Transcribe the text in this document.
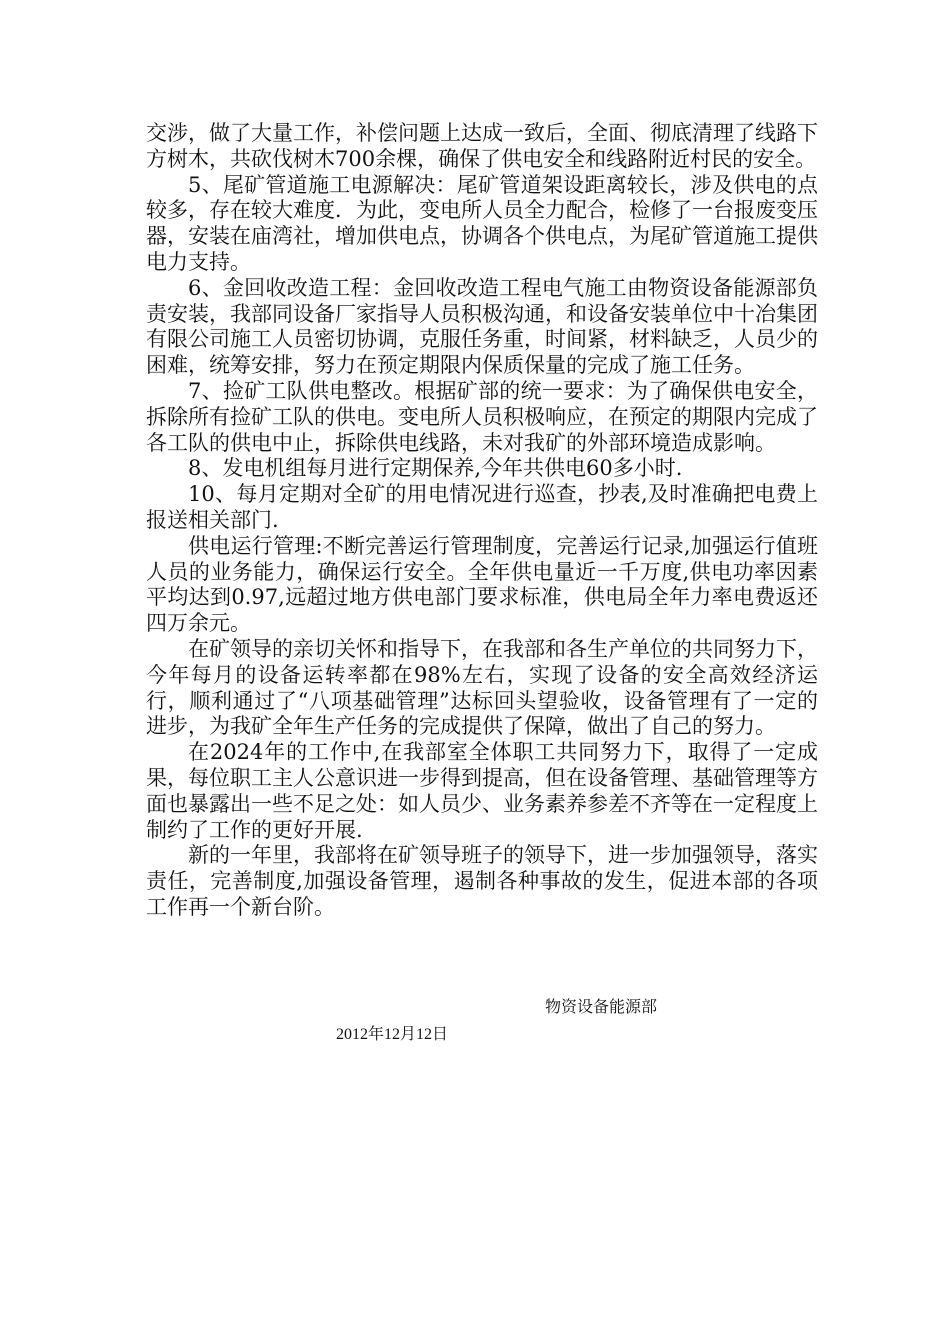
交涉，做了大量工作，补偿问题上达成一致后，全面、彻底清理了线路下方树木，共砍伐树木700余棵，确保了供电安全和线路附近村民的安全。

5、尾矿管道施工电源解决：尾矿管道架设距离较长，涉及供电的点较多，存在较大难度．为此，变电所人员全力配合，检修了一台报废变压器，安装在庙湾社，增加供电点，协调各个供电点，为尾矿管道施工提供电力支持。

6、金回收改造工程：金回收改造工程电气施工由物资设备能源部负责安装，我部同设备厂家指导人员积极沟通，和设备安装单位中十冶集团有限公司施工人员密切协调，克服任务重，时间紧，材料缺乏，人员少的困难，统筹安排，努力在预定期限内保质保量的完成了施工任务。

7、捡矿工队供电整改。根据矿部的统一要求：为了确保供电安全，拆除所有捡矿工队的供电。变电所人员积极响应，在预定的期限内完成了各工队的供电中止，拆除供电线路，未对我矿的外部环境造成影响。

8、发电机组每月进行定期保养,今年共供电60多小时.

10、每月定期对全矿的用电情况进行巡查，抄表,及时准确把电费上报送相关部门.

供电运行管理:不断完善运行管理制度，完善运行记录,加强运行值班人员的业务能力，确保运行安全。全年供电量近一千万度,供电功率因素平均达到0.97,远超过地方供电部门要求标准，供电局全年力率电费返还四万余元。

在矿领导的亲切关怀和指导下，在我部和各生产单位的共同努力下，今年每月的设备运转率都在98%左右，实现了设备的安全高效经济运行，顺利通过了“八项基础管理”达标回头望验收，设备管理有了一定的进步，为我矿全年生产任务的完成提供了保障，做出了自己的努力。

在2024年的工作中,在我部室全体职工共同努力下，取得了一定成果，每位职工主人公意识进一步得到提高，但在设备管理、基础管理等方面也暴露出一些不足之处：如人员少、业务素养参差不齐等在一定程度上制约了工作的更好开展.

新的一年里，我部将在矿领导班子的领导下，进一步加强领导，落实责任，完善制度,加强设备管理，遏制各种事故的发生，促进本部的各项工作再一个新台阶。

物资设备能源部
2012年12月12日
